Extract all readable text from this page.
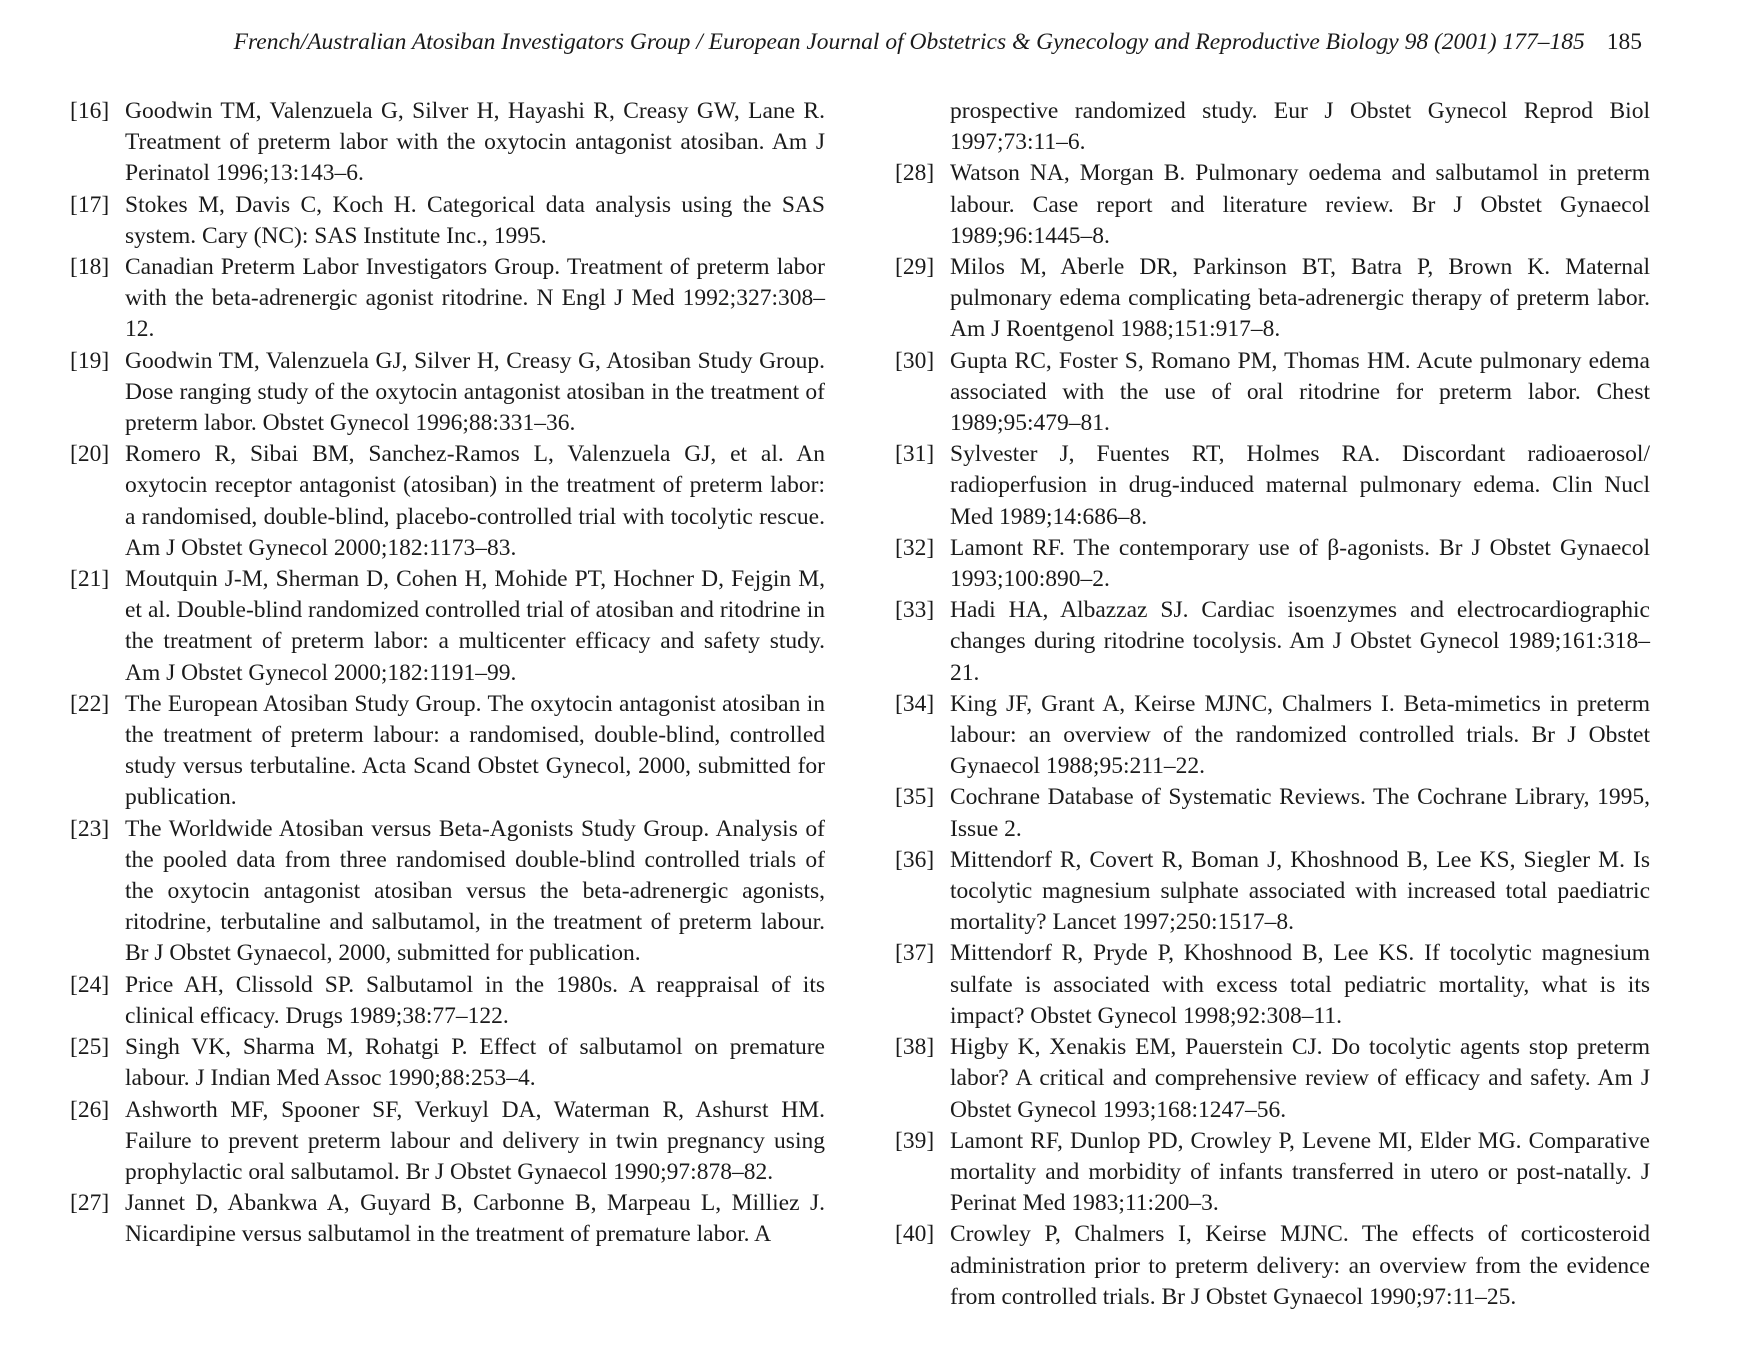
French/Australian Atosiban Investigators Group / European Journal of Obstetrics & Gynecology and Reproductive Biology 98 (2001) 177–185 185

[16] Goodwin TM, Valenzuela G, Silver H, Hayashi R, Creasy GW, Lane R. Treatment of preterm labor with the oxytocin antagonist atosiban. Am J Perinatol 1996;13:143–6.

[17] Stokes M, Davis C, Koch H. Categorical data analysis using the SAS system. Cary (NC): SAS Institute Inc., 1995.

[18] Canadian Preterm Labor Investigators Group. Treatment of preterm labor with the beta-adrenergic agonist ritodrine. N Engl J Med 1992;327:308–12.

[19] Goodwin TM, Valenzuela GJ, Silver H, Creasy G, Atosiban Study Group. Dose ranging study of the oxytocin antagonist atosiban in the treatment of preterm labor. Obstet Gynecol 1996;88:331–36.

[20] Romero R, Sibai BM, Sanchez-Ramos L, Valenzuela GJ, et al. An oxytocin receptor antagonist (atosiban) in the treatment of preterm labor: a randomised, double-blind, placebo-controlled trial with tocolytic rescue. Am J Obstet Gynecol 2000;182:1173–83.

[21] Moutquin J-M, Sherman D, Cohen H, Mohide PT, Hochner D, Fejgin M, et al. Double-blind randomized controlled trial of atosiban and ritodrine in the treatment of preterm labor: a multicenter efficacy and safety study. Am J Obstet Gynecol 2000;182:1191–99.

[22] The European Atosiban Study Group. The oxytocin antagonist atosiban in the treatment of preterm labour: a randomised, double-blind, controlled study versus terbutaline. Acta Scand Obstet Gynecol, 2000, submitted for publication.

[23] The Worldwide Atosiban versus Beta-Agonists Study Group. Analysis of the pooled data from three randomised double-blind controlled trials of the oxytocin antagonist atosiban versus the beta-adrenergic agonists, ritodrine, terbutaline and salbutamol, in the treatment of preterm labour. Br J Obstet Gynaecol, 2000, submitted for publication.

[24] Price AH, Clissold SP. Salbutamol in the 1980s. A reappraisal of its clinical efficacy. Drugs 1989;38:77–122.

[25] Singh VK, Sharma M, Rohatgi P. Effect of salbutamol on premature labour. J Indian Med Assoc 1990;88:253–4.

[26] Ashworth MF, Spooner SF, Verkuyl DA, Waterman R, Ashurst HM. Failure to prevent preterm labour and delivery in twin pregnancy using prophylactic oral salbutamol. Br J Obstet Gynaecol 1990;97:878–82.

[27] Jannet D, Abankwa A, Guyard B, Carbonne B, Marpeau L, Milliez J. Nicardipine versus salbutamol in the treatment of premature labor. A

prospective randomized study. Eur J Obstet Gynecol Reprod Biol 1997;73:11–6.

[28] Watson NA, Morgan B. Pulmonary oedema and salbutamol in preterm labour. Case report and literature review. Br J Obstet Gynaecol 1989;96:1445–8.

[29] Milos M, Aberle DR, Parkinson BT, Batra P, Brown K. Maternal pulmonary edema complicating beta-adrenergic therapy of preterm labor. Am J Roentgenol 1988;151:917–8.

[30] Gupta RC, Foster S, Romano PM, Thomas HM. Acute pulmonary edema associated with the use of oral ritodrine for preterm labor. Chest 1989;95:479–81.

[31] Sylvester J, Fuentes RT, Holmes RA. Discordant radioaerosol/ radioperfusion in drug-induced maternal pulmonary edema. Clin Nucl Med 1989;14:686–8.

[32] Lamont RF. The contemporary use of β-agonists. Br J Obstet Gynaecol 1993;100:890–2.

[33] Hadi HA, Albazzaz SJ. Cardiac isoenzymes and electrocardiographic changes during ritodrine tocolysis. Am J Obstet Gynecol 1989;161:318–21.

[34] King JF, Grant A, Keirse MJNC, Chalmers I. Beta-mimetics in preterm labour: an overview of the randomized controlled trials. Br J Obstet Gynaecol 1988;95:211–22.

[35] Cochrane Database of Systematic Reviews. The Cochrane Library, 1995, Issue 2.

[36] Mittendorf R, Covert R, Boman J, Khoshnood B, Lee KS, Siegler M. Is tocolytic magnesium sulphate associated with increased total paediatric mortality? Lancet 1997;250:1517–8.

[37] Mittendorf R, Pryde P, Khoshnood B, Lee KS. If tocolytic magnesium sulfate is associated with excess total pediatric mortality, what is its impact? Obstet Gynecol 1998;92:308–11.

[38] Higby K, Xenakis EM, Pauerstein CJ. Do tocolytic agents stop preterm labor? A critical and comprehensive review of efficacy and safety. Am J Obstet Gynecol 1993;168:1247–56.

[39] Lamont RF, Dunlop PD, Crowley P, Levene MI, Elder MG. Comparative mortality and morbidity of infants transferred in utero or post-natally. J Perinat Med 1983;11:200–3.

[40] Crowley P, Chalmers I, Keirse MJNC. The effects of corticosteroid administration prior to preterm delivery: an overview from the evidence from controlled trials. Br J Obstet Gynaecol 1990;97:11–25.
